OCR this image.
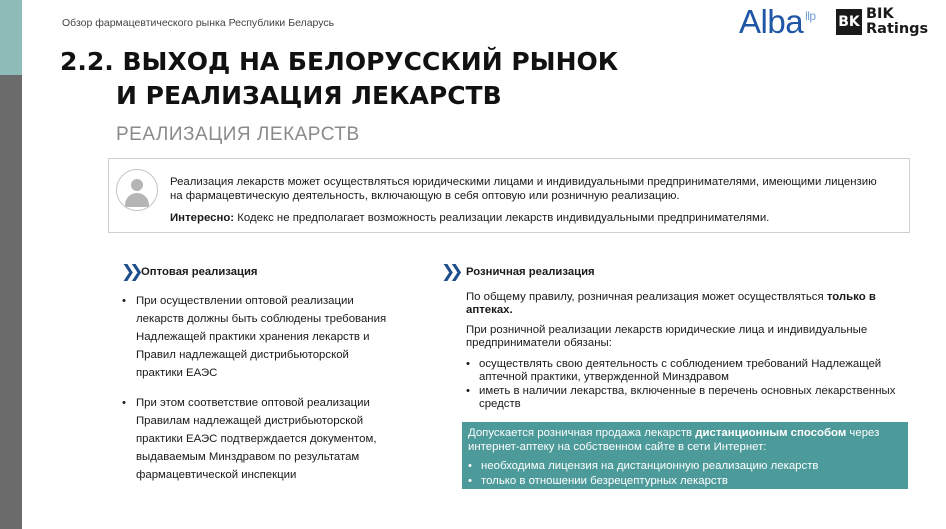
Обзор фармацевтического рынка Республики Беларусь	Alba $^{llp}$ BK BIK
Ratings
2.2. ВЫХОД НА БЕЛОРУССКИЙ РЫНОК
И РЕАЛИЗАЦИЯ ЛЕКАРСТВ
РЕАЛИЗАЦИЯ ЛЕКАРСТВ
Реализация лекарств может осуществляться юридическими лицами и индивидуальными предпринимателями, имеющими лицензию на фармацевтическую деятельность, включающую в себя оптовую или розничную реализацию.
Интересно: Кодекс не предполагает возможность реализации лекарств индивидуальными предпринимателями.
❯❯ Оптовая реализация
• При осуществлении оптовой реализации лекарств должны быть соблюдены требования Надлежащей практики хранения лекарств и Правил надлежащей дистрибьюторской практики ЕАЭС
• При этом соответствие оптовой реализации Правилам надлежащей дистрибьюторской практики ЕАЭС подтверждается документом, выдаваемым Минздравом по результатам фармацевтической инспекции
❯❯ Розничная реализация
По общему правилу, розничная реализация может осуществляться только в аптеках.
При розничной реализации лекарств юридические лица и индивидуальные предприниматели обязаны:
• осуществлять свою деятельность с соблюдением требований Надлежащей аптечной практики, утвержденной Минздравом
• иметь в наличии лекарства, включенные в перечень основных лекарственных средств
Допускается розничная продажа лекарств дистанционным способом через интернет-аптеку на собственном сайте в сети Интернет:
• необходима лицензия на дистанционную реализацию лекарств
• только в отношении безрецептурных лекарств
